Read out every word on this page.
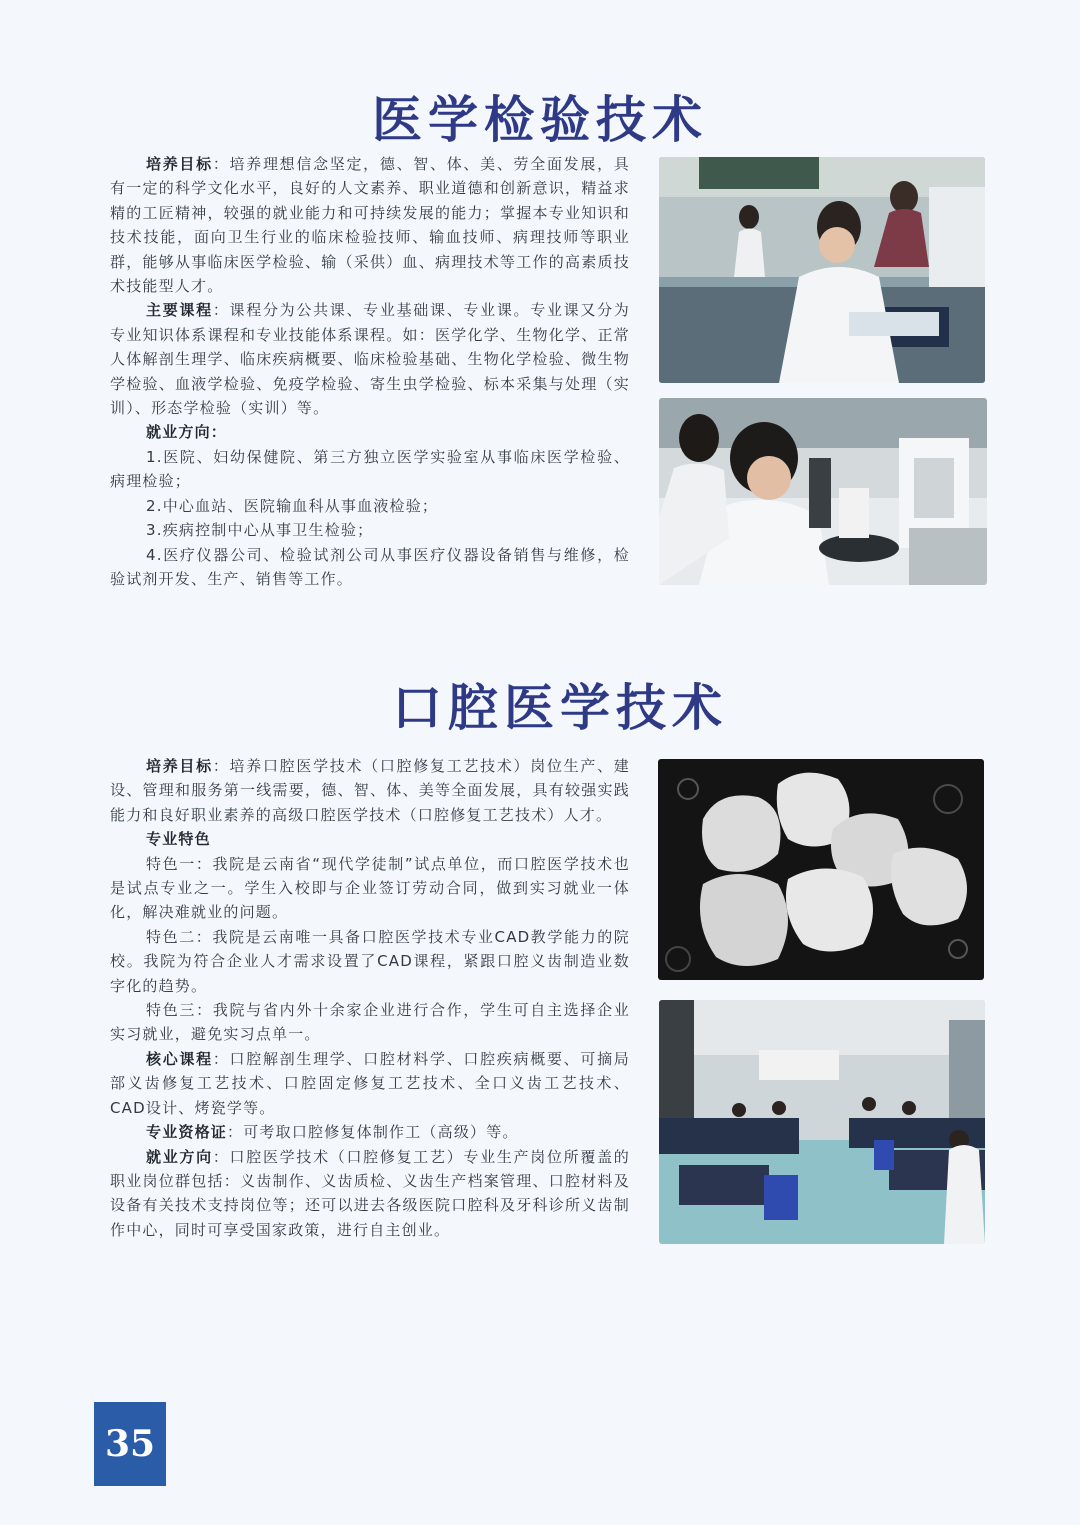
医学检验技术

培养目标：培养理想信念坚定，德、智、体、美、劳全面发展，具有一定的科学文化水平，良好的人文素养、职业道德和创新意识，精益求精的工匠精神，较强的就业能力和可持续发展的能力；掌握本专业知识和技术技能，面向卫生行业的临床检验技师、输血技师、病理技师等职业群，能够从事临床医学检验、输（采供）血、病理技术等工作的高素质技术技能型人才。

主要课程：课程分为公共课、专业基础课、专业课。专业课又分为专业知识体系课程和专业技能体系课程。如：医学化学、生物化学、正常人体解剖生理学、临床疾病概要、临床检验基础、生物化学检验、微生物学检验、血液学检验、免疫学检验、寄生虫学检验、标本采集与处理（实训）、形态学检验（实训）等。

就业方向：

1.医院、妇幼保健院、第三方独立医学实验室从事临床医学检验、病理检验；

2.中心血站、医院输血科从事血液检验；

3.疾病控制中心从事卫生检验；

4.医疗仪器公司、检验试剂公司从事医疗仪器设备销售与维修，检验试剂开发、生产、销售等工作。

口腔医学技术

培养目标：培养口腔医学技术（口腔修复工艺技术）岗位生产、建设、管理和服务第一线需要，德、智、体、美等全面发展，具有较强实践能力和良好职业素养的高级口腔医学技术（口腔修复工艺技术）人才。

专业特色

特色一：我院是云南省“现代学徒制”试点单位，而口腔医学技术也是试点专业之一。学生入校即与企业签订劳动合同，做到实习就业一体化，解决难就业的问题。

特色二：我院是云南唯一具备口腔医学技术专业CAD教学能力的院校。我院为符合企业人才需求设置了CAD课程，紧跟口腔义齿制造业数字化的趋势。

特色三：我院与省内外十余家企业进行合作，学生可自主选择企业实习就业，避免实习点单一。

核心课程：口腔解剖生理学、口腔材料学、口腔疾病概要、可摘局部义齿修复工艺技术、口腔固定修复工艺技术、全口义齿工艺技术、CAD设计、烤瓷学等。

专业资格证：可考取口腔修复体制作工（高级）等。

就业方向：口腔医学技术（口腔修复工艺）专业生产岗位所覆盖的职业岗位群包括：义齿制作、义齿质检、义齿生产档案管理、口腔材料及设备有关技术支持岗位等；还可以进去各级医院口腔科及牙科诊所义齿制作中心，同时可享受国家政策，进行自主创业。

35
